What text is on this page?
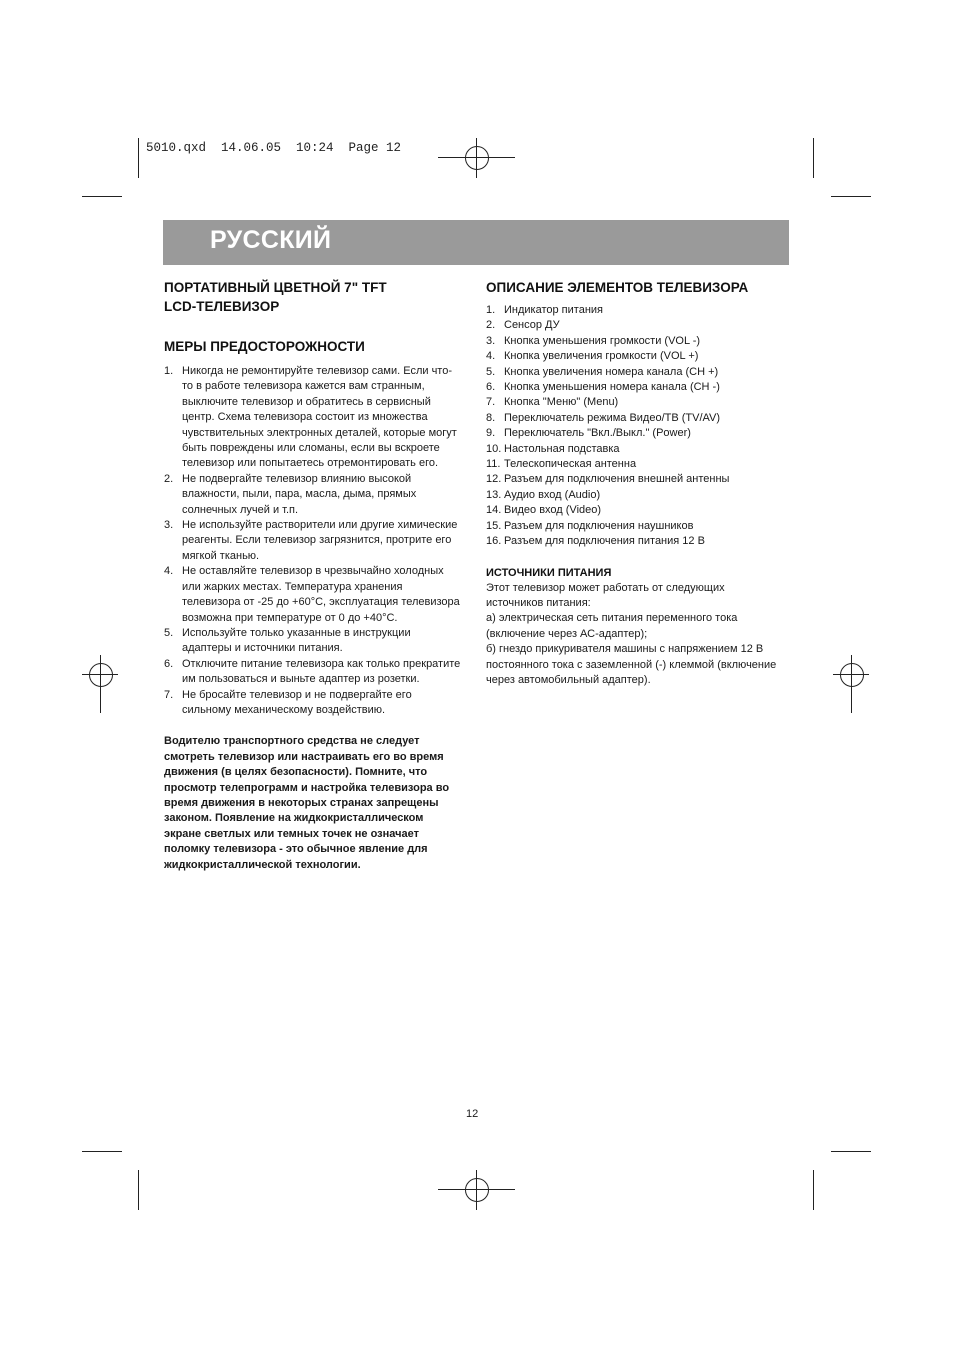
5010.qxd  14.06.05  10:24  Page 12
РУССКИЙ
ПОРТАТИВНЫЙ ЦВЕТНОЙ 7" TFT
LCD-ТЕЛЕВИЗОР
МЕРЫ ПРЕДОСТОРОЖНОСТИ
1. Никогда не ремонтируйте телевизор сами. Если что-
то в работе телевизора кажется вам странным,
выключите телевизор и обратитесь в сервисный
центр. Схема телевизора состоит из множества
чувствительных электронных деталей, которые могут
быть повреждены или сломаны, если вы вскроете
телевизор или попытаетесь отремонтировать его.
2. Не подвергайте телевизор влиянию высокой
влажности, пыли, пара, масла, дыма, прямых
солнечных лучей и т.п.
3. Не используйте растворители или другие химические
реагенты. Если телевизор загрязнится, протрите его
мягкой тканью.
4. Не оставляйте телевизор в чрезвычайно холодных
или жарких местах. Температура хранения
телевизора от -25 до +60°C, эксплуатация телевизора
возможна при температуре от 0 до +40°C.
5. Используйте только указанные в инструкции
адаптеры и источники питания.
6. Отключите питание телевизора как только прекратите
им пользоваться и выньте адаптер из розетки.
7. Не бросайте телевизор и не подвергайте его
сильному механическому воздействию.
Водителю транспортного средства не следует
смотреть телевизор или настраивать его во время
движения (в целях безопасности). Помните, что
просмотр телепрограмм и настройка телевизора во
время движения в некоторых странах запрещены
законом. Появление на жидкокристаллическом
экране светлых или темных точек не означает
поломку телевизора - это обычное явление для
жидкокристаллической технологии.
ОПИСАНИЕ ЭЛЕМЕНТОВ ТЕЛЕВИЗОРА
1. Индикатор питания
2. Сенсор ДУ
3. Кнопка уменьшения громкости (VOL -)
4. Кнопка увеличения громкости (VOL +)
5. Кнопка увеличения номера канала (CH +)
6. Кнопка уменьшения номера канала (CH -)
7. Кнопка "Меню" (Menu)
8. Переключатель режима Видео/ТВ (TV/AV)
9. Переключатель "Вкл./Выкл." (Power)
10. Настольная подставка
11. Телескопическая антенна
12. Разъем для подключения внешней антенны
13. Аудио вход (Audio)
14. Видео вход (Video)
15. Разъем для подключения наушников
16. Разъем для подключения питания 12 В
ИСТОЧНИКИ ПИТАНИЯ
Этот телевизор может работать от следующих
источников питания:
а) электрическая сеть питания переменного тока
(включение через АС-адаптер);
б) гнездо прикуривателя машины с напряжением 12 В
постоянного тока с заземленной (-) клеммой (включение
через автомобильный адаптер).
12
